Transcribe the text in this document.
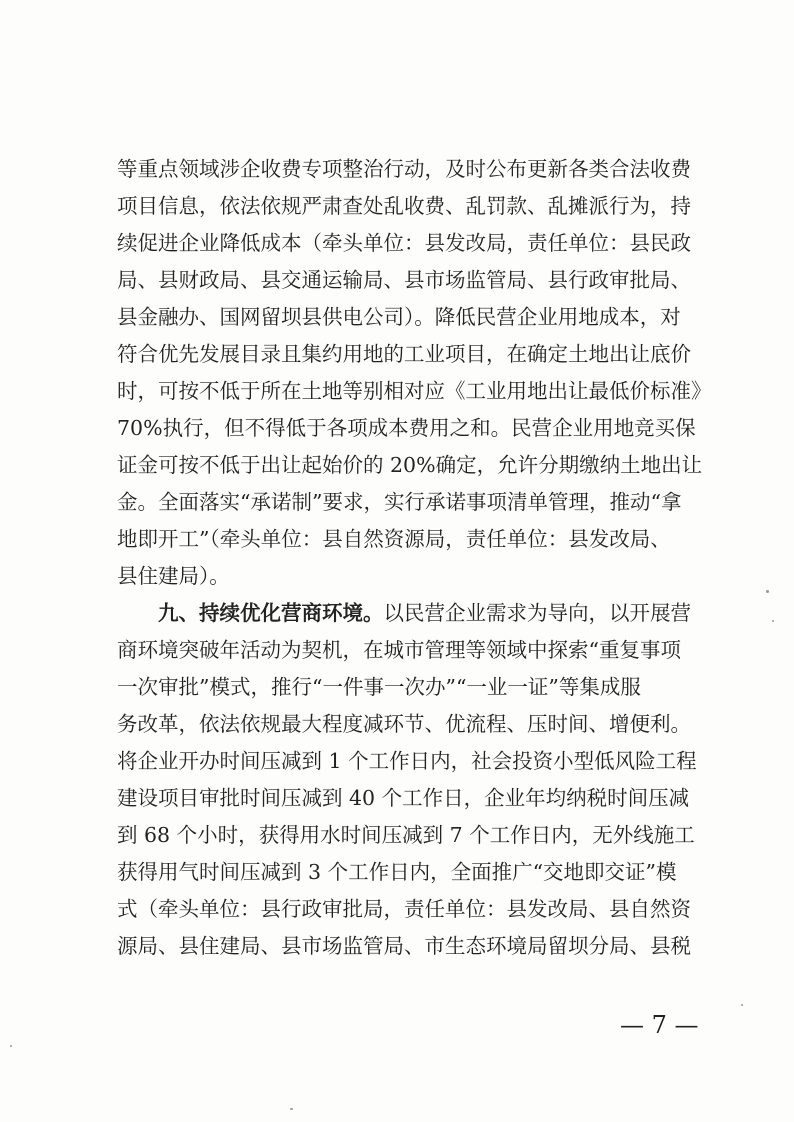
等重点领域涉企收费专项整治行动，及时公布更新各类合法收费
项目信息，依法依规严肃查处乱收费、乱罚款、乱摊派行为，持
续促进企业降低成本（牵头单位：县发改局，责任单位：县民政
局、县财政局、县交通运输局、县市场监管局、县行政审批局、
县金融办、国网留坝县供电公司）。降低民营企业用地成本，对
符合优先发展目录且集约用地的工业项目，在确定土地出让底价
时，可按不低于所在土地等别相对应《工业用地出让最低价标准》
70%执行，但不得低于各项成本费用之和。民营企业用地竞买保
证金可按不低于出让起始价的 20%确定，允许分期缴纳土地出让
金。全面落实“承诺制”要求，实行承诺事项清单管理，推动“拿
地即开工”（牵头单位：县自然资源局，责任单位：县发改局、
县住建局）。
九、持续优化营商环境。以民营企业需求为导向，以开展营
商环境突破年活动为契机，在城市管理等领域中探索“重复事项
一次审批”模式，推行“一件事一次办”“一业一证”等集成服
务改革，依法依规最大程度减环节、优流程、压时间、增便利。
将企业开办时间压减到 1 个工作日内，社会投资小型低风险工程
建设项目审批时间压减到 40 个工作日，企业年均纳税时间压减
到 68 个小时，获得用水时间压减到 7 个工作日内，无外线施工
获得用气时间压减到 3 个工作日内，全面推广“交地即交证”模
式（牵头单位：县行政审批局，责任单位：县发改局、县自然资
源局、县住建局、县市场监管局、市生态环境局留坝分局、县税
— 7 —
